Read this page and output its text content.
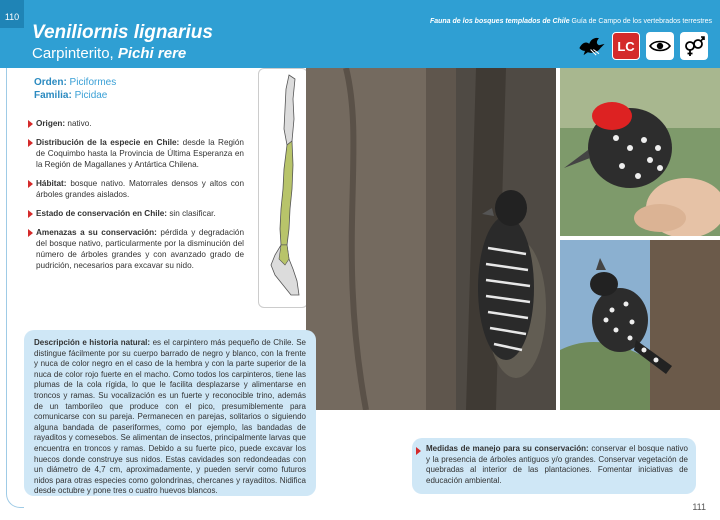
110
Veniliornis lignarius
Carpinterito, Pichi rere
Fauna de los bosques templados de Chile Guía de Campo de los vertebrados terrestres
LC
Orden: Piciformes
Familia: Picidae
Origen: nativo.
Distribución de la especie en Chile: desde la Región de Coquimbo hasta la Provincia de Última Esperanza en la Región de Magallanes y Antártica Chilena.
Hábitat: bosque nativo. Matorrales densos y altos con árboles grandes aislados.
Estado de conservación en Chile: sin clasificar.
Amenazas a su conservación: pérdida y degradación del bosque nativo, particularmente por la disminución del número de árboles grandes y con avanzado grado de pudrición, necesarios para excavar su nido.
Descripción e historia natural: es el carpintero más pequeño de Chile. Se distingue fácilmente por su cuerpo barrado de negro y blanco, con la frente y nuca de color negro en el caso de la hembra y con la parte superior de la nuca de color rojo fuerte en el macho. Como todos los carpinteros, tiene las plumas de la cola rígida, lo que le facilita desplazarse y alimentarse en troncos y ramas. Su vocalización es un fuerte y reconocible trino, además de un tamborileo que produce con el pico, presumiblemente para comunicarse con su pareja. Permanecen en parejas, solitarios o siguiendo alguna bandada de paseriformes, como por ejemplo, las bandadas de rayaditos y comesebos. Se alimentan de insectos, principalmente larvas que encuentra en troncos y ramas. Debido a su fuerte pico, puede excavar los huecos donde construye sus nidos. Estas cavidades son redondeadas con un diámetro de 4,7 cm, aproximadamente, y pueden servir como futuros nidos para otras especies como golondrinas, chercanes y rayaditos. Nidifica desde octubre y pone tres o cuatro huevos blancos.
Medidas de manejo para su conservación: conservar el bosque nativo y la presencia de árboles antiguos y/o grandes. Conservar vegetación de quebradas al interior de las plantaciones. Fomentar iniciativas de educación ambiental.
111
